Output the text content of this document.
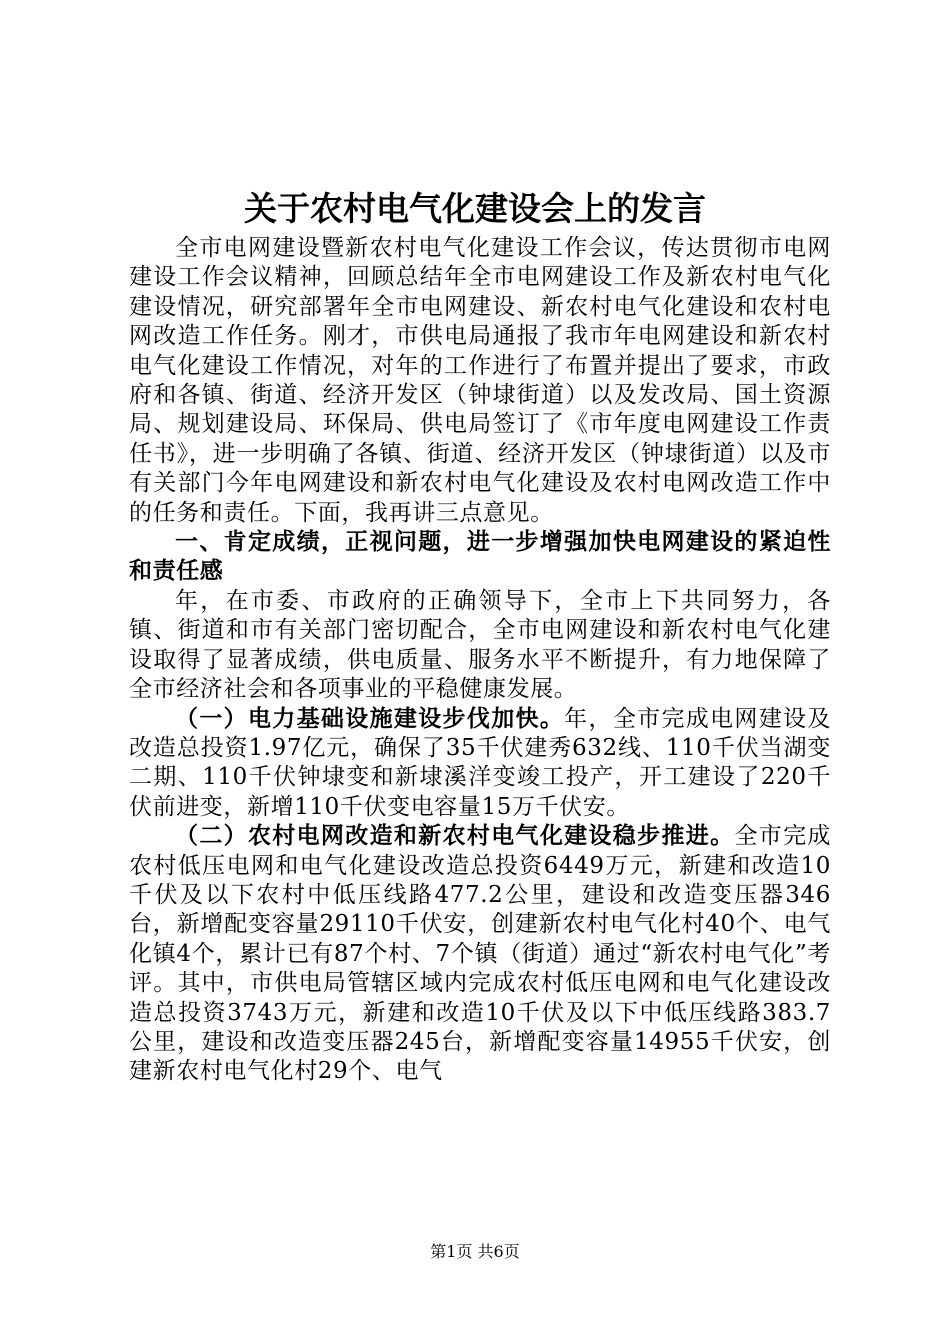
关于农村电气化建设会上的发言

全市电网建设暨新农村电气化建设工作会议，传达贯彻市电网建设工作会议精神，回顾总结年全市电网建设工作及新农村电气化建设情况，研究部署年全市电网建设、新农村电气化建设和农村电网改造工作任务。刚才，市供电局通报了我市年电网建设和新农村电气化建设工作情况，对年的工作进行了布置并提出了要求，市政府和各镇、街道、经济开发区（钟埭街道）以及发改局、国土资源局、规划建设局、环保局、供电局签订了《市年度电网建设工作责任书》，进一步明确了各镇、街道、经济开发区（钟埭街道）以及市有关部门今年电网建设和新农村电气化建设及农村电网改造工作中的任务和责任。下面，我再讲三点意见。

一、肯定成绩，正视问题，进一步增强加快电网建设的紧迫性和责任感

年，在市委、市政府的正确领导下，全市上下共同努力，各镇、街道和市有关部门密切配合，全市电网建设和新农村电气化建设取得了显著成绩，供电质量、服务水平不断提升，有力地保障了全市经济社会和各项事业的平稳健康发展。

（一）电力基础设施建设步伐加快。年，全市完成电网建设及改造总投资1.97亿元，确保了35千伏建秀632线、110千伏当湖变二期、110千伏钟埭变和新埭溪洋变竣工投产，开工建设了220千伏前进变，新增110千伏变电容量15万千伏安。

（二）农村电网改造和新农村电气化建设稳步推进。全市完成农村低压电网和电气化建设改造总投资6449万元，新建和改造10千伏及以下农村中低压线路477.2公里，建设和改造变压器346台，新增配变容量29110千伏安，创建新农村电气化村40个、电气化镇4个，累计已有87个村、7个镇（街道）通过“新农村电气化”考评。其中，市供电局管辖区域内完成农村低压电网和电气化建设改造总投资3743万元，新建和改造10千伏及以下中低压线路383.7公里，建设和改造变压器245台，新增配变容量14955千伏安，创建新农村电气化村29个、电气

第1页 共6页
